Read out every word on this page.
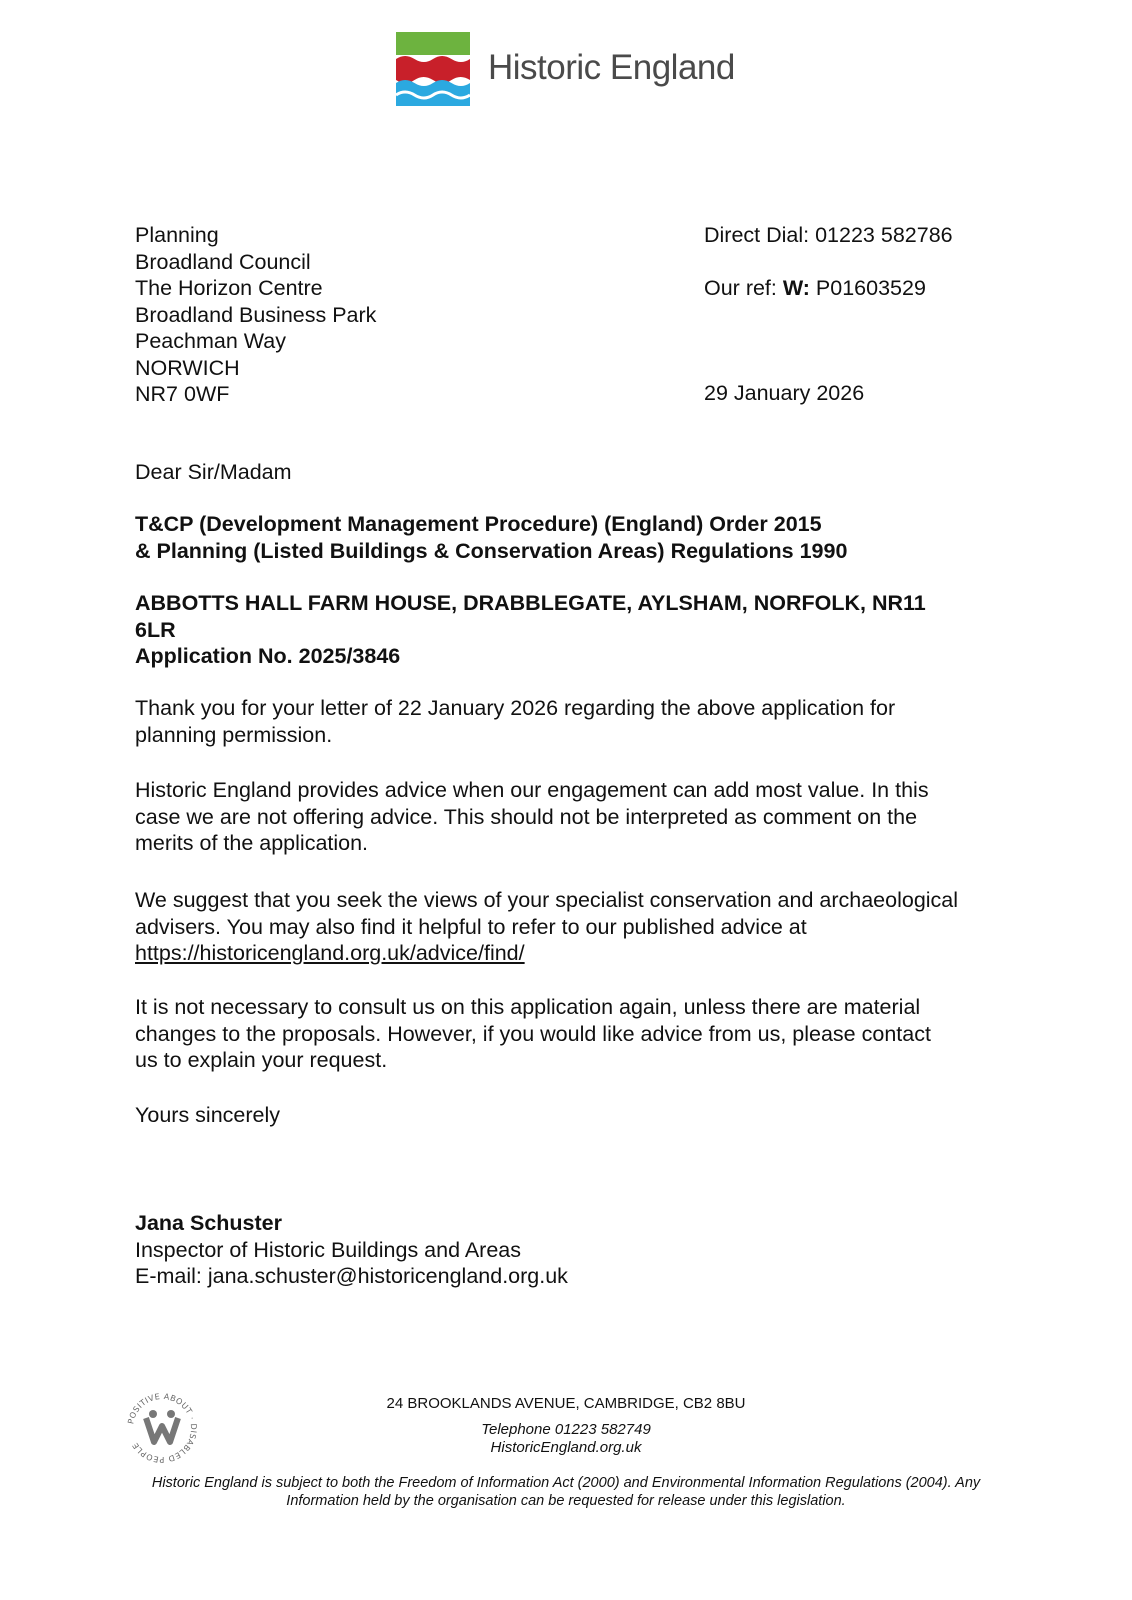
Historic England
Planning
Broadland Council
The Horizon Centre
Broadland Business Park
Peachman Way
NORWICH
NR7 0WF
Direct Dial: 01223 582786
Our ref: W: P01603529
29 January 2026
Dear Sir/Madam
T&CP (Development Management Procedure) (England) Order 2015
& Planning (Listed Buildings & Conservation Areas) Regulations 1990
ABBOTTS HALL FARM HOUSE, DRABBLEGATE, AYLSHAM, NORFOLK, NR11
6LR
Application No. 2025/3846
Thank you for your letter of 22 January 2026 regarding the above application for
planning permission.
Historic England provides advice when our engagement can add most value. In this
case we are not offering advice. This should not be interpreted as comment on the
merits of the application.
We suggest that you seek the views of your specialist conservation and archaeological
advisers. You may also find it helpful to refer to our published advice at
https://historicengland.org.uk/advice/find/
It is not necessary to consult us on this application again, unless there are material
changes to the proposals. However, if you would like advice from us, please contact
us to explain your request.
Yours sincerely
Jana Schuster
Inspector of Historic Buildings and Areas
E-mail: jana.schuster@historicengland.org.uk
POSITIVE ABOUT · DISABLED PEOPLE
24 BROOKLANDS AVENUE, CAMBRIDGE, CB2 8BU
Telephone 01223 582749
HistoricEngland.org.uk
Historic England is subject to both the Freedom of Information Act (2000) and Environmental Information Regulations (2004). Any
Information held by the organisation can be requested for release under this legislation.
